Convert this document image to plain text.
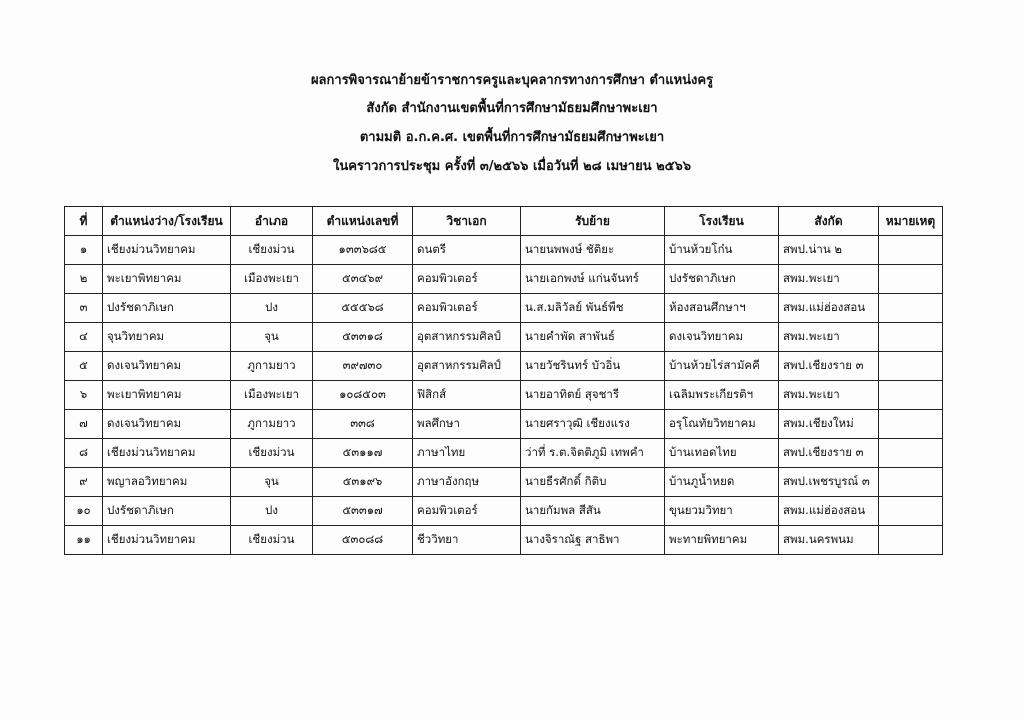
ผลการพิจารณาย้ายข้าราชการครูและบุคลากรทางการศึกษา ตำแหน่งครู
สังกัด สำนักงานเขตพื้นที่การศึกษามัธยมศึกษาพะเยา
ตามมติ อ.ก.ค.ศ. เขตพื้นที่การศึกษามัธยมศึกษาพะเยา
ในคราวการประชุม ครั้งที่ ๓/๒๕๖๖ เมื่อวันที่ ๒๘ เมษายน ๒๕๖๖
ที่	ตำแหน่งว่าง/โรงเรียน	อำเภอ	ตำแหน่งเลขที่	วิชาเอก	รับย้าย	โรงเรียน	สังกัด	หมายเหตุ
๑	เชียงม่วนวิทยาคม	เชียงม่วน	๑๓๓๖๘๕	ดนตรี	นายนพพงษ์ ชัติยะ	บ้านห้วยโก๋น	สพป.น่าน ๒	
๒	พะเยาพิทยาคม	เมืองพะเยา	๕๓๔๖๙	คอมพิวเตอร์	นายเอกพงษ์ แก่นจันทร์	ปงรัชดาภิเษก	สพม.พะเยา	
๓	ปงรัชดาภิเษก	ปง	๕๕๕๖๘	คอมพิวเตอร์	น.ส.มลิวัลย์ พันธ์พืช	ห้องสอนศึกษาฯ	สพม.แม่ฮ่องสอน	
๔	จุนวิทยาคม	จุน	๕๓๓๑๘	อุตสาหกรรมศิลป์	นายคำพัด สาพันธ์	ดงเจนวิทยาคม	สพม.พะเยา	
๕	ดงเจนวิทยาคม	ภูกามยาว	๓๙๗๓๐	อุตสาหกรรมศิลป์	นายวัชรินทร์ บัวอิ่น	บ้านห้วยไร่สามัคคี	สพป.เชียงราย ๓	
๖	พะเยาพิทยาคม	เมืองพะเยา	๑๐๘๕๐๓	ฟิสิกส์	นายอาทิตย์ สุจชารี	เฉลิมพระเกียรติฯ	สพม.พะเยา	
๗	ดงเจนวิทยาคม	ภูกามยาว	๓๓๘	พลศึกษา	นายศราวุฒิ เชียงแรง	อรุโณทัยวิทยาคม	สพม.เชียงใหม่	
๘	เชียงม่วนวิทยาคม	เชียงม่วน	๕๓๑๑๗	ภาษาไทย	ว่าที่ ร.ต.จิตติภูมิ เทพคำ	บ้านเทอดไทย	สพป.เชียงราย ๓	
๙	พญาลอวิทยาคม	จุน	๕๓๑๙๖	ภาษาอังกฤษ	นายธีรศักดิ์ กิติบ	บ้านภูน้ำหยด	สพป.เพชรบูรณ์ ๓	
๑๐	ปงรัชดาภิเษก	ปง	๕๓๓๑๗	คอมพิวเตอร์	นายกัมพล สีสัน	ขุนยวมวิทยา	สพม.แม่ฮ่องสอน	
๑๑	เชียงม่วนวิทยาคม	เชียงม่วน	๕๓๐๘๘	ชีววิทยา	นางจิราณัฐ สาธิพา	พะทายพิทยาคม	สพม.นครพนม	
